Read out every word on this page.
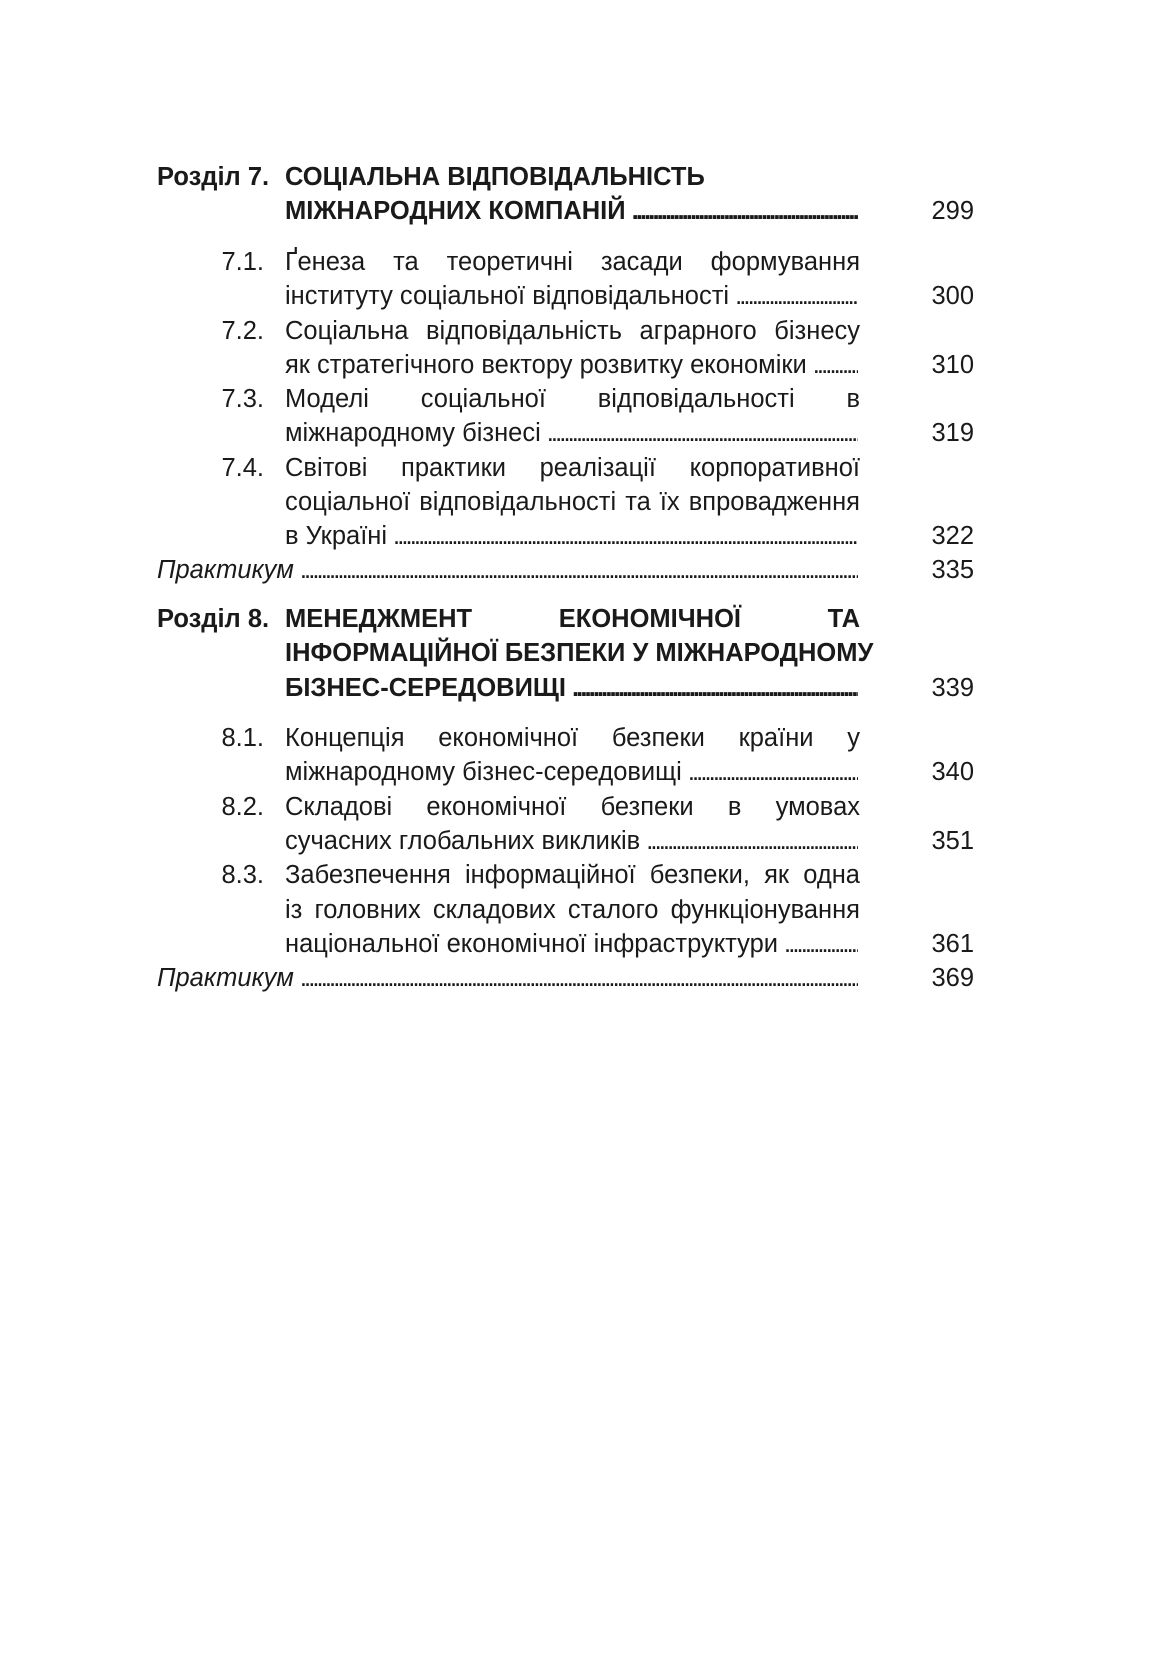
Розділ 7. СОЦІАЛЬНА ВІДПОВІДАЛЬНІСТЬ
МІЖНАРОДНИХ КОМПАНІЙ . . .	299
7.1. Ґенеза та теоретичні засади формування
інституту соціальної відповідальності . . .	300
7.2. Соціальна відповідальність аграрного бізнесу
як стратегічного вектору розвитку економіки . . .	310
7.3. Моделі соціальної відповідальності в
міжнародному бізнесі . . .	319
7.4. Світові практики реалізації корпоративної
соціальної відповідальності та їх впровадження
в Україні . . .	322
Практикум . . .	335
Розділ 8. МЕНЕДЖМЕНТ ЕКОНОМІЧНОЇ ТА
ІНФОРМАЦІЙНОЇ БЕЗПЕКИ У МІЖНАРОДНОМУ
БІЗНЕС-СЕРЕДОВИЩІ . . .	339
8.1. Концепція економічної безпеки країни у
міжнародному бізнес-середовищі . . .	340
8.2. Складові економічної безпеки в умовах
сучасних глобальних викликів . . .	351
8.3. Забезпечення інформаційної безпеки, як одна
із головних складових сталого функціонування
національної економічної інфраструктури . . .	361
Практикум . . .	369
